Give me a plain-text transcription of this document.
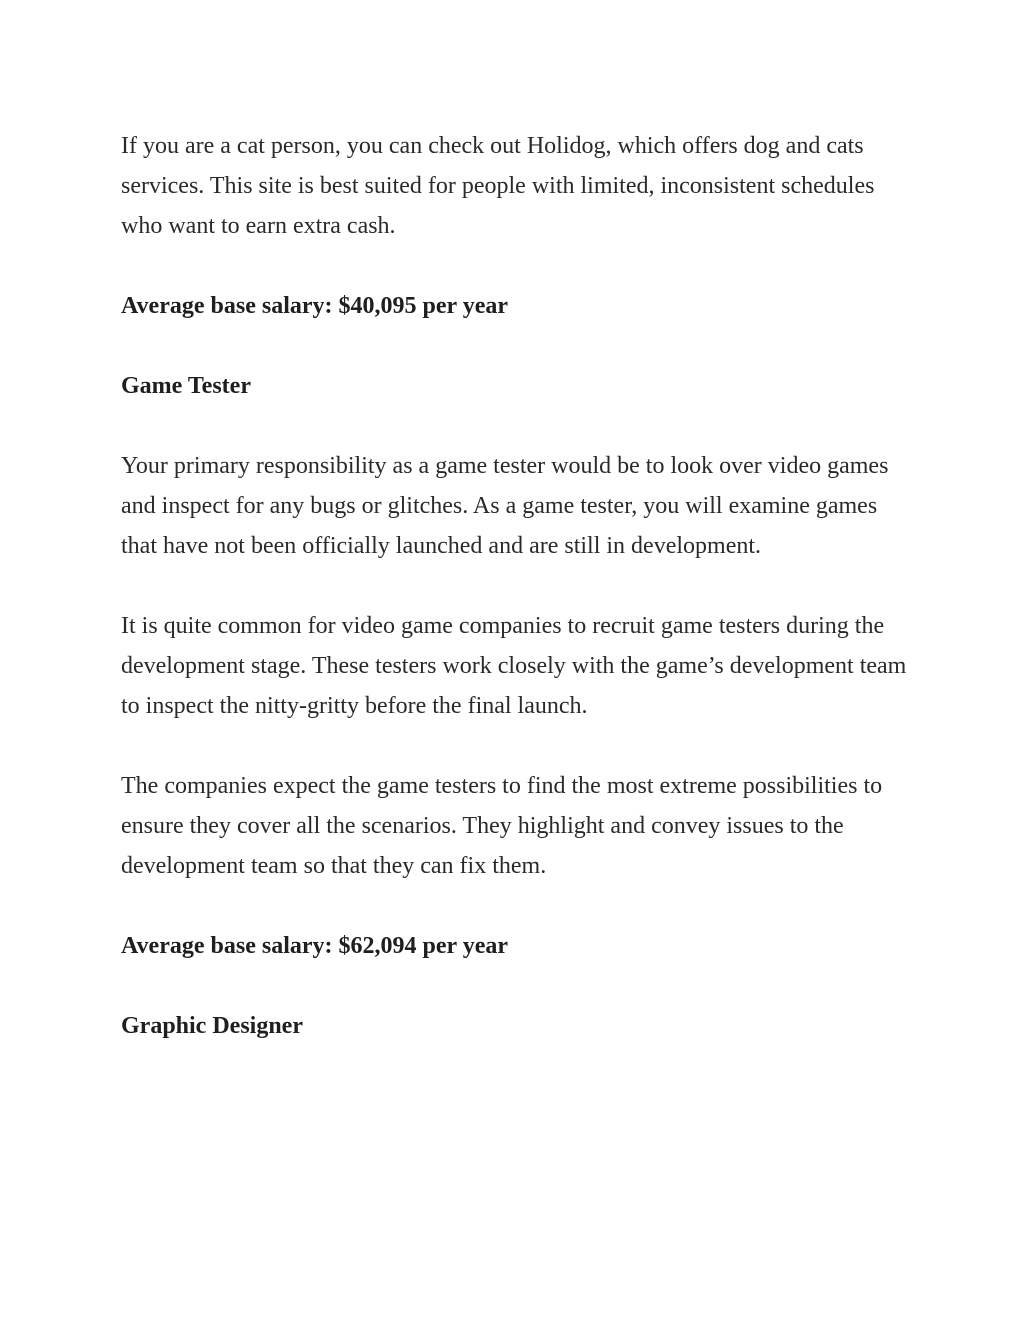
If you are a cat person, you can check out Holidog, which offers dog and cats services. This site is best suited for people with limited, inconsistent schedules who want to earn extra cash.

Average base salary: $40,095 per year

Game Tester

Your primary responsibility as a game tester would be to look over video games and inspect for any bugs or glitches. As a game tester, you will examine games that have not been officially launched and are still in development.

It is quite common for video game companies to recruit game testers during the development stage. These testers work closely with the game’s development team to inspect the nitty-gritty before the final launch.

The companies expect the game testers to find the most extreme possibilities to ensure they cover all the scenarios. They highlight and convey issues to the development team so that they can fix them.

Average base salary: $62,094 per year

Graphic Designer
